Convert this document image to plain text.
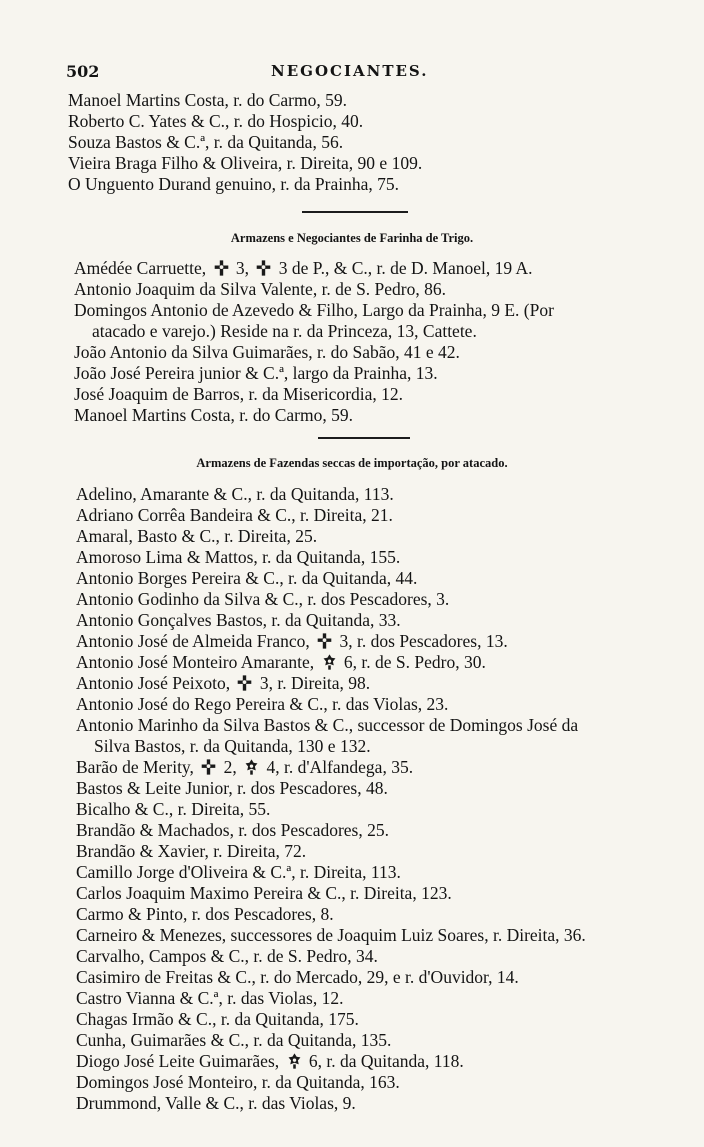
502	NEGOCIANTES.
Manoel Martins Costa, r. do Carmo, 59.
Roberto C. Yates & C., r. do Hospicio, 40.
Souza Bastos & C.ª, r. da Quitanda, 56.
Vieira Braga Filho & Oliveira, r. Direita, 90 e 109.
O Unguento Durand genuino, r. da Prainha, 75.
Armazens e Negociantes de Farinha de Trigo.
Amédée Carruette,
3,
3 de P., & C., r. de D. Manoel, 19 A.
Antonio Joaquim da Silva Valente, r. de S. Pedro, 86.
Domingos Antonio de Azevedo & Filho, Largo da Prainha, 9 E. (Por
atacado e varejo.) Reside na r. da Princeza, 13, Cattete.
João Antonio da Silva Guimarães, r. do Sabão, 41 e 42.
João José Pereira junior & C.ª, largo da Prainha, 13.
José Joaquim de Barros, r. da Misericordia, 12.
Manoel Martins Costa, r. do Carmo, 59.
Armazens de Fazendas seccas de importação, por atacado.
Adelino, Amarante & C., r. da Quitanda, 113.
Adriano Corrêa Bandeira & C., r. Direita, 21.
Amaral, Basto & C., r. Direita, 25.
Amoroso Lima & Mattos, r. da Quitanda, 155.
Antonio Borges Pereira & C., r. da Quitanda, 44.
Antonio Godinho da Silva & C., r. dos Pescadores, 3.
Antonio Gonçalves Bastos, r. da Quitanda, 33.
Antonio José de Almeida Franco,
3, r. dos Pescadores, 13.
Antonio José Monteiro Amarante,
6, r. de S. Pedro, 30.
Antonio José Peixoto,
3, r. Direita, 98.
Antonio José do Rego Pereira & C., r. das Violas, 23.
Antonio Marinho da Silva Bastos & C., successor de Domingos José da
Silva Bastos, r. da Quitanda, 130 e 132.
Barão de Merity,
2,
4, r. d'Alfandega, 35.
Bastos & Leite Junior, r. dos Pescadores, 48.
Bicalho & C., r. Direita, 55.
Brandão & Machados, r. dos Pescadores, 25.
Brandão & Xavier, r. Direita, 72.
Camillo Jorge d'Oliveira & C.ª, r. Direita, 113.
Carlos Joaquim Maximo Pereira & C., r. Direita, 123.
Carmo & Pinto, r. dos Pescadores, 8.
Carneiro & Menezes, successores de Joaquim Luiz Soares, r. Direita, 36.
Carvalho, Campos & C., r. de S. Pedro, 34.
Casimiro de Freitas & C., r. do Mercado, 29, e r. d'Ouvidor, 14.
Castro Vianna & C.ª, r. das Violas, 12.
Chagas Irmão & C., r. da Quitanda, 175.
Cunha, Guimarães & C., r. da Quitanda, 135.
Diogo José Leite Guimarães,
6, r. da Quitanda, 118.
Domingos José Monteiro, r. da Quitanda, 163.
Drummond, Valle & C., r. das Violas, 9.
